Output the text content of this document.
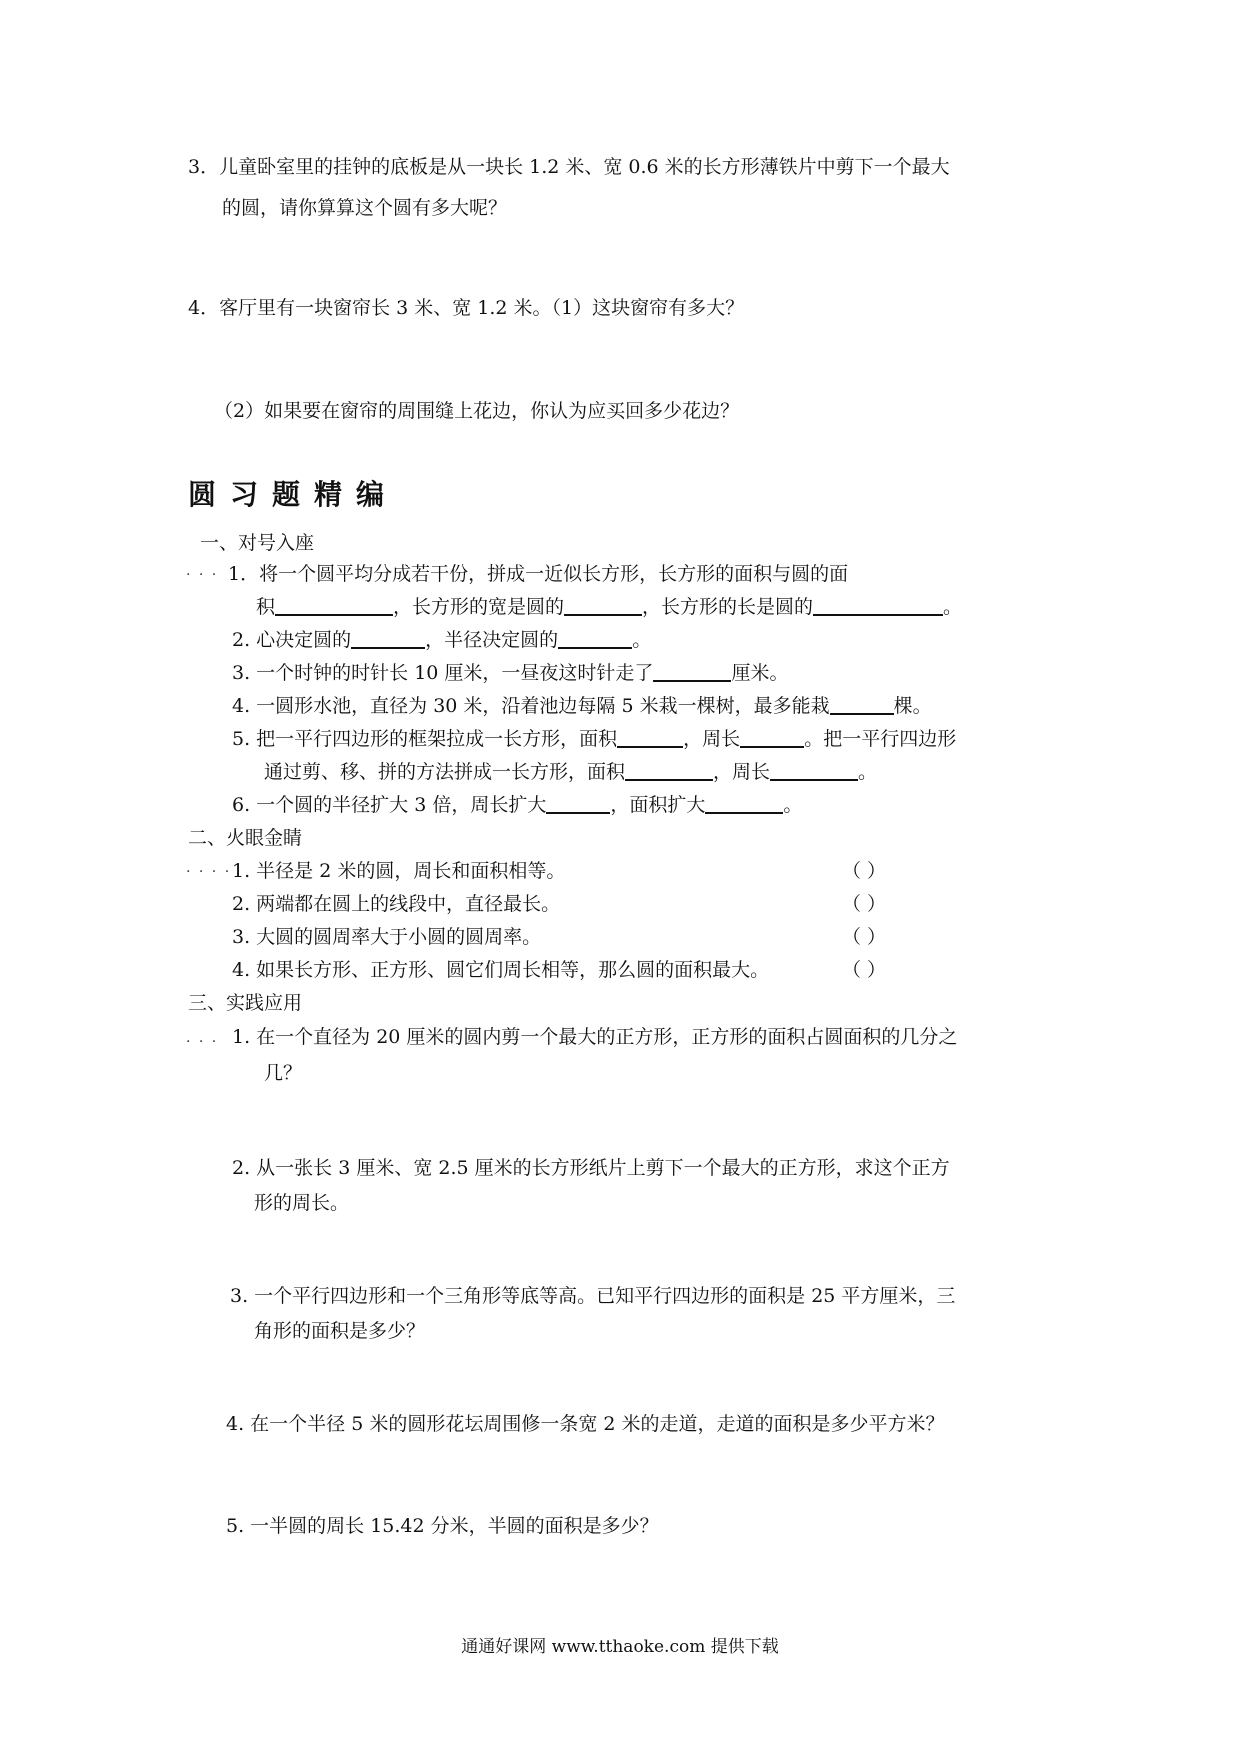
3．儿童卧室里的挂钟的底板是从一块长 1.2 米、宽 0.6 米的长方形薄铁片中剪下一个最大
的圆，请你算算这个圆有多大呢？
4．客厅里有一块窗帘长 3 米、宽 1.2 米。（1）这块窗帘有多大？
（2）如果要在窗帘的周围缝上花边，你认为应买回多少花边？
圆习题精编
一、对号入座
. . . 1．将一个圆平均分成若干份，拼成一近似长方形，长方形的面积与圆的面
积	，长方形的宽是圆的	，长方形的长是圆的	。
2. 心决定圆的	，半径决定圆的	。
3. 一个时钟的时针长 10 厘米，一昼夜这时针走了	厘米。
4. 一圆形水池，直径为 30 米，沿着池边每隔 5 米栽一棵树，最多能栽	棵。
5. 把一平行四边形的框架拉成一长方形，面积	，周长	。把一平行四边形
通过剪、移、拼的方法拼成一长方形，面积	，周长	。
6. 一个圆的半径扩大 3 倍，周长扩大	，面积扩大	。
二、火眼金睛
. . . . 1. 半径是 2 米的圆，周长和面积相等。	（ ）
2. 两端都在圆上的线段中，直径最长。	（ ）
3. 大圆的圆周率大于小圆的圆周率。	（ ）
4. 如果长方形、正方形、圆它们周长相等，那么圆的面积最大。	（ ）
三、实践应用
. . . 1. 在一个直径为 20 厘米的圆内剪一个最大的正方形，正方形的面积占圆面积的几分之
几？
2. 从一张长 3 厘米、宽 2.5 厘米的长方形纸片上剪下一个最大的正方形，求这个正方
形的周长。
3. 一个平行四边形和一个三角形等底等高。已知平行四边形的面积是 25 平方厘米，三
角形的面积是多少？
4. 在一个半径 5 米的圆形花坛周围修一条宽 2 米的走道，走道的面积是多少平方米？
5. 一半圆的周长 15.42 分米，半圆的面积是多少？
通通好课网 www.tthaoke.com 提供下载
